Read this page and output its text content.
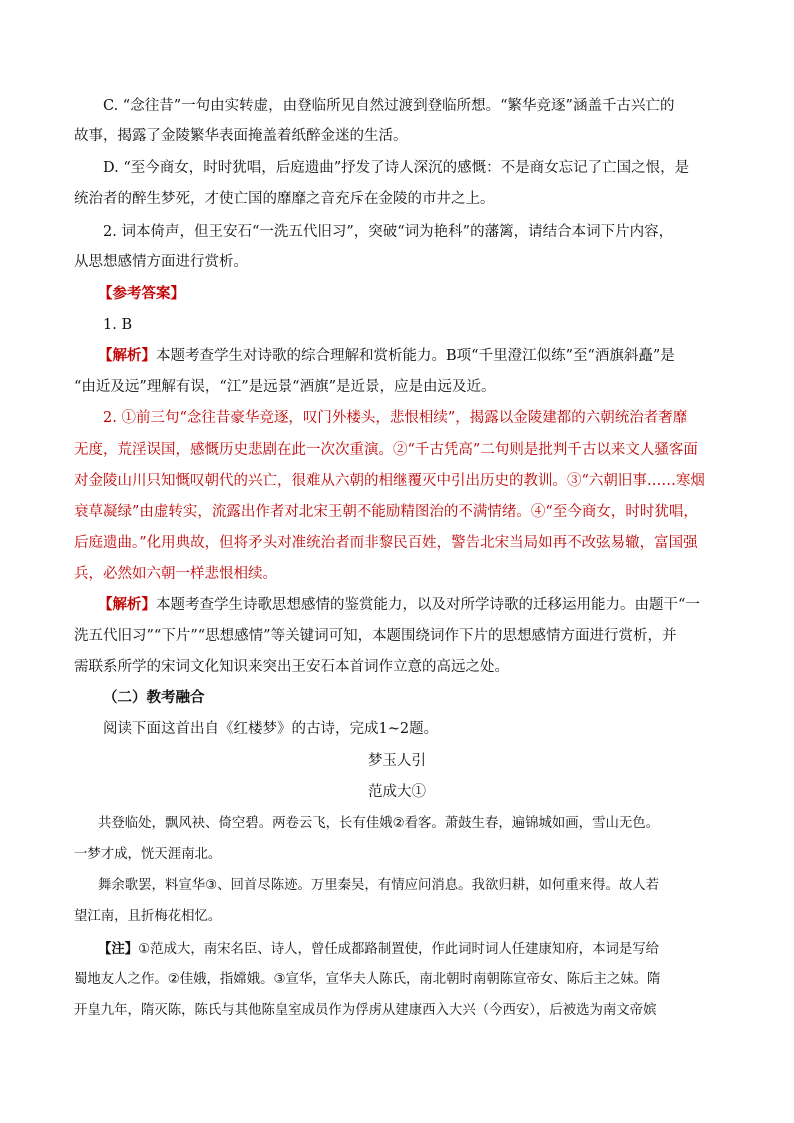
C. “念往昔”一句由实转虚，由登临所见自然过渡到登临所想。“繁华竞逐”涵盖千古兴亡的
故事，揭露了金陵繁华表面掩盖着纸醉金迷的生活。
D. “至今商女，时时犹唱，后庭遗曲”抒发了诗人深沉的感慨：不是商女忘记了亡国之恨，是
统治者的醉生梦死，才使亡国的靡靡之音充斥在金陵的市井之上。
2. 词本倚声，但王安石“一洗五代旧习”，突破“词为艳科”的藩篱，请结合本词下片内容，
从思想感情方面进行赏析。
【参考答案】
1. B
【解析】本题考查学生对诗歌的综合理解和赏析能力。B项“千里澄江似练”至“酒旗斜矗”是
“由近及远”理解有误，“江”是远景“酒旗”是近景，应是由远及近。
2. ①前三句“念往昔豪华竞逐，叹门外楼头，悲恨相续”，揭露以金陵建都的六朝统治者奢靡
无度，荒淫误国，感慨历史悲剧在此一次次重演。②“千古凭高”二句则是批判千古以来文人骚客面
对金陵山川只知慨叹朝代的兴亡，很难从六朝的相继覆灭中引出历史的教训。③“六朝旧事……寒烟
衰草凝绿”由虚转实，流露出作者对北宋王朝不能励精图治的不满情绪。④“至今商女，时时犹唱，
后庭遗曲。”化用典故，但将矛头对准统治者而非黎民百姓，警告北宋当局如再不改弦易辙，富国强
兵，必然如六朝一样悲恨相续。
【解析】本题考查学生诗歌思想感情的鉴赏能力，以及对所学诗歌的迁移运用能力。由题干“一
洗五代旧习”“下片”“思想感情”等关键词可知，本题围绕词作下片的思想感情方面进行赏析，并
需联系所学的宋词文化知识来突出王安石本首词作立意的高远之处。
（二）教考融合
阅读下面这首出自《红楼梦》的古诗，完成1~2题。
梦玉人引
范成大①
共登临处，飘风袂、倚空碧。两卷云飞，长有佳娥②看客。萧鼓生春，遍锦城如画，雪山无色。
一梦才成，恍天涯南北。
舞余歌罢，料宣华③、回首尽陈迹。万里秦吴，有情应问消息。我欲归耕，如何重来得。故人若
望江南，且折梅花相忆。
【注】①范成大，南宋名臣、诗人，曾任成都路制置使，作此词时词人任建康知府，本词是写给
蜀地友人之作。②佳娥，指嫦娥。③宣华，宣华夫人陈氏，南北朝时南朝陈宣帝女、陈后主之妹。隋
开皇九年，隋灭陈，陈氏与其他陈皇室成员作为俘虏从建康西入大兴（今西安），后被选为南文帝嫔
